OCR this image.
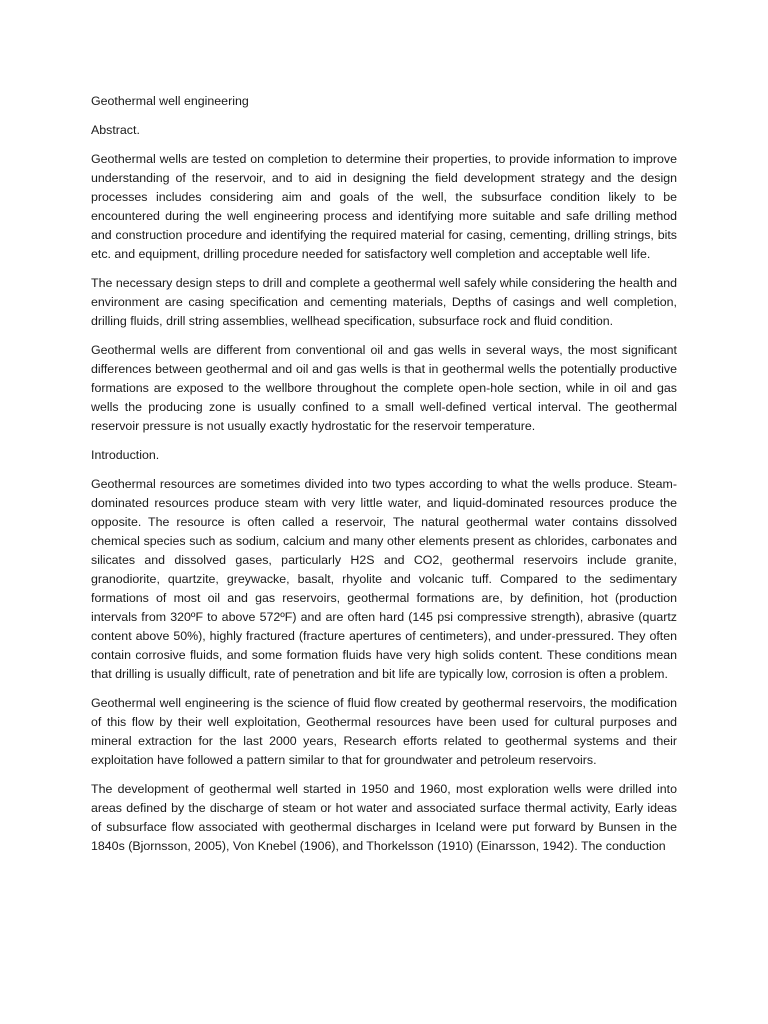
Geothermal well engineering

Abstract.

Geothermal wells are tested on completion to determine their properties, to provide information to improve understanding of the reservoir, and to aid in designing the field development strategy and the design processes includes considering aim and goals of the well, the subsurface condition likely to be encountered during the well engineering process and identifying more suitable and safe drilling method and construction procedure and identifying the required material for casing, cementing, drilling strings, bits etc. and equipment, drilling procedure needed for satisfactory well completion and acceptable well life.

The necessary design steps to drill and complete a geothermal well safely while considering the health and environment are casing specification and cementing materials, Depths of casings and well completion, drilling fluids, drill string assemblies, wellhead specification, subsurface rock and fluid condition.

Geothermal wells are different from conventional oil and gas wells in several ways, the most significant differences between geothermal and oil and gas wells is that in geothermal wells the potentially productive formations are exposed to the wellbore throughout the complete open-hole section, while in oil and gas wells the producing zone is usually confined to a small well-defined vertical interval. The geothermal reservoir pressure is not usually exactly hydrostatic for the reservoir temperature.

Introduction.

Geothermal resources are sometimes divided into two types according to what the wells produce. Steam-dominated resources produce steam with very little water, and liquid-dominated resources produce the opposite. The resource is often called a reservoir, The natural geothermal water contains dissolved chemical species such as sodium, calcium and many other elements present as chlorides, carbonates and silicates and dissolved gases, particularly H2S and CO2, geothermal reservoirs include granite, granodiorite, quartzite, greywacke, basalt, rhyolite and volcanic tuff. Compared to the sedimentary formations of most oil and gas reservoirs, geothermal formations are, by definition, hot (production intervals from 320ºF to above 572ºF) and are often hard (145 psi compressive strength), abrasive (quartz content above 50%), highly fractured (fracture apertures of centimeters), and under-pressured. They often contain corrosive fluids, and some formation fluids have very high solids content. These conditions mean that drilling is usually difficult, rate of penetration and bit life are typically low, corrosion is often a problem.

Geothermal well engineering is the science of fluid flow created by geothermal reservoirs, the modification of this flow by their well exploitation, Geothermal resources have been used for cultural purposes and mineral extraction for the last 2000 years, Research efforts related to geothermal systems and their exploitation have followed a pattern similar to that for groundwater and petroleum reservoirs.

The development of geothermal well started in 1950 and 1960, most exploration wells were drilled into areas defined by the discharge of steam or hot water and associated surface thermal activity, Early ideas of subsurface flow associated with geothermal discharges in Iceland were put forward by Bunsen in the 1840s (Bjornsson, 2005), Von Knebel (1906), and Thorkelsson (1910) (Einarsson, 1942). The conduction
